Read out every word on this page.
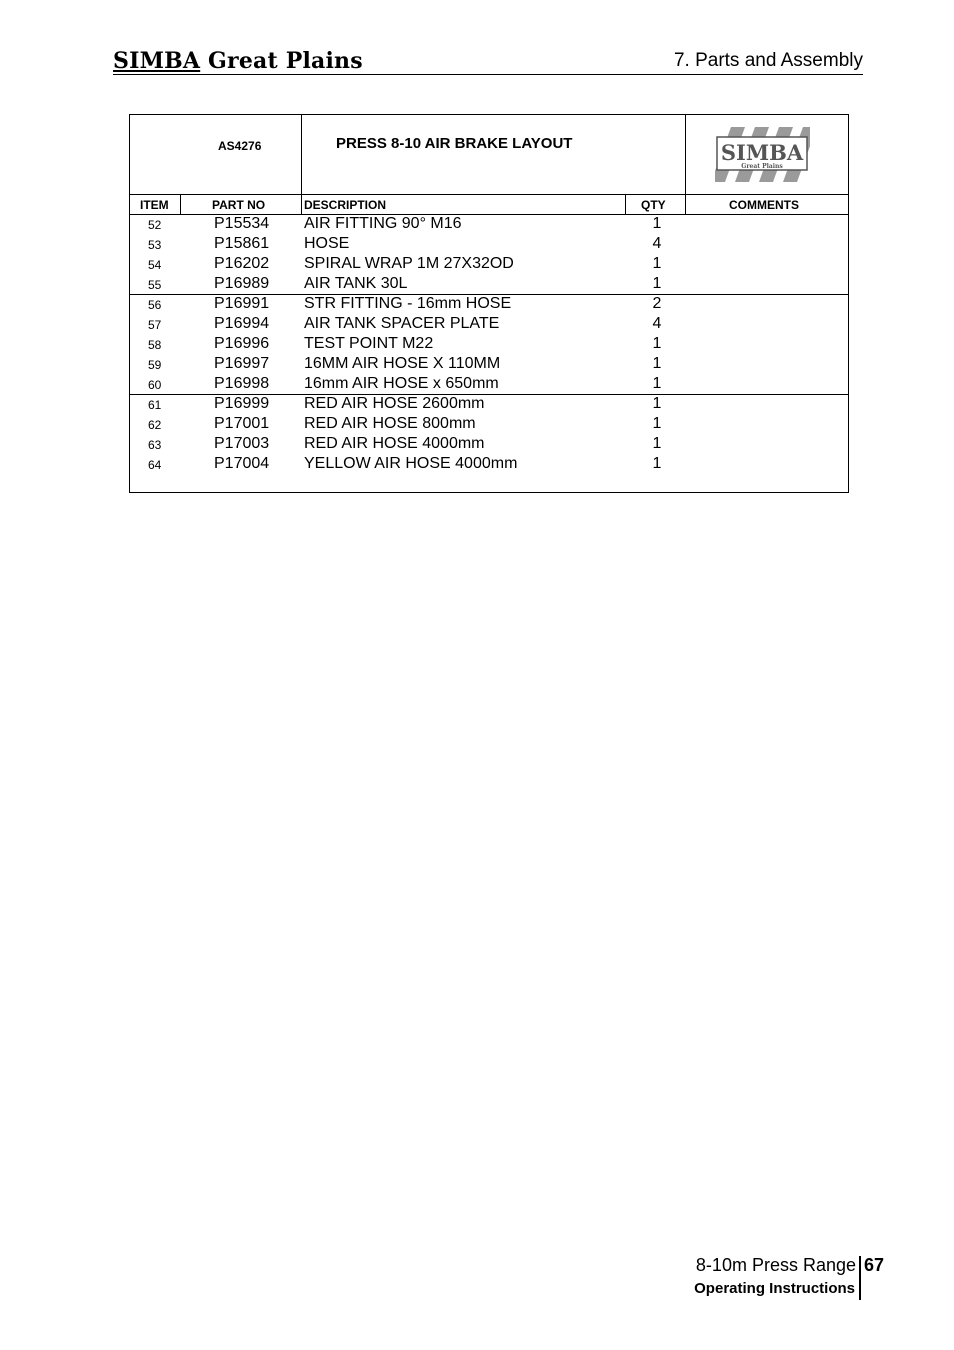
SIMBA Great Plains	7. Parts and Assembly
AS4276	PRESS 8-10 AIR BRAKE LAYOUT	SIMBA
Great Plains
ITEM	PART NO	DESCRIPTION	QTY	COMMENTS
52	P15534 AIR FITTING 90° M16	1
53	P15861 HOSE	4
54	P16202 SPIRAL WRAP 1M 27X32OD	1
55	P16989 AIR TANK 30L	1
56	P16991 STR FITTING - 16mm HOSE	2
57	P16994 AIR TANK SPACER PLATE	4
58	P16996 TEST POINT M22	1
59	P16997 16MM AIR HOSE X 110MM	1
60	P16998 16mm AIR HOSE x 650mm	1
61	P16999 RED AIR HOSE 2600mm	1
62	P17001 RED AIR HOSE 800mm	1
63	P17003 RED AIR HOSE 4000mm	1
64	P17004 YELLOW AIR HOSE 4000mm	1
8-10m Press Range 67
Operating Instructions
